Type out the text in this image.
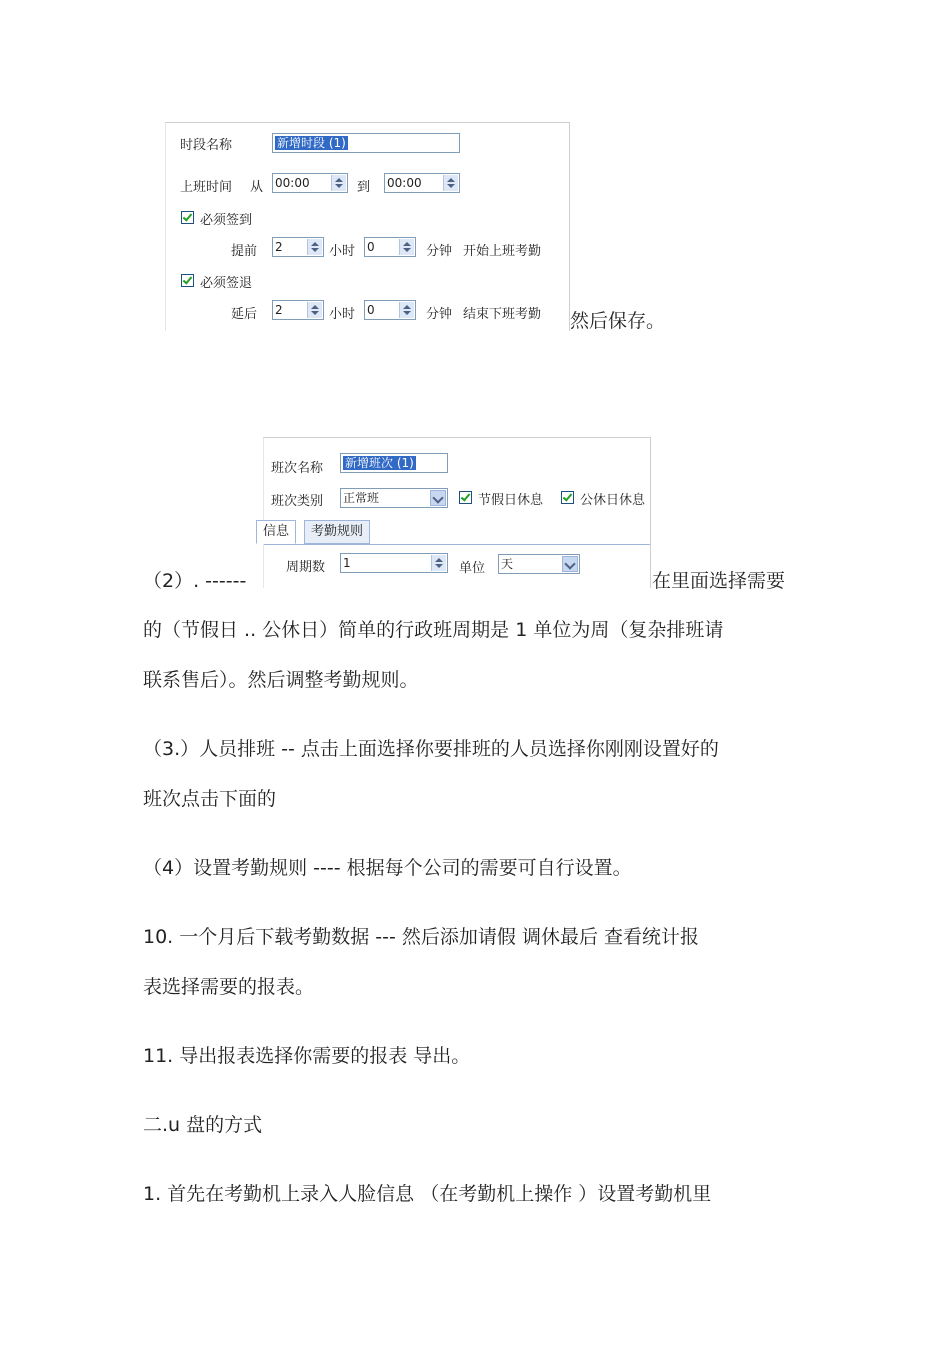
时段名称	新增时段 (1)
上班时间 从 00:00	到 00:00
必须签到
提前 2	小时 0	分钟 开始上班考勤
必须签退
延后 2	小时 0	分钟 结束下班考勤 然后保存。
班次名称 新增班次 (1)
班次类别 正常班	节假日休息	公休日休息
信息	考勤规则
周期数 1	单位 天
（2）. ------	在里面选择需要
的（节假日 .. 公休日）简单的行政班周期是 1 单位为周（复杂排班请
联系售后）。然后调整考勤规则。
（3.）人员排班 -- 点击上面选择你要排班的人员选择你刚刚设置好的
班次点击下面的
（4）设置考勤规则 ---- 根据每个公司的需要可自行设置。
10. 一个月后下载考勤数据 --- 然后添加请假 调休最后 查看统计报
表选择需要的报表。
11. 导出报表选择你需要的报表 导出。
二.u 盘的方式
1. 首先在考勤机上录入人脸信息 （在考勤机上操作 ）设置考勤机里
